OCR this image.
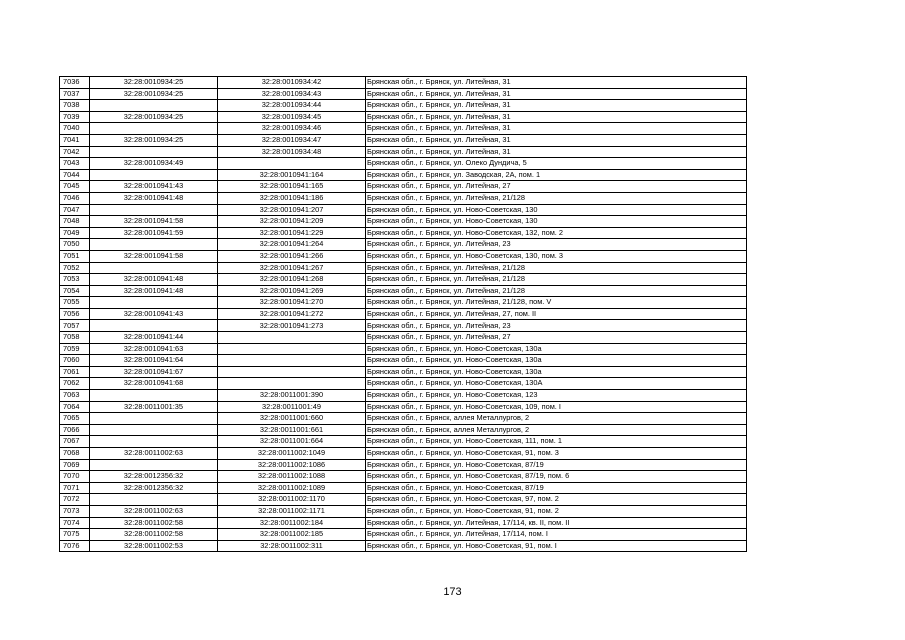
7036	32:28:0010934:25	32:28:0010934:42	Брянская обл., г. Брянск, ул. Литейная, 31
7037	32:28:0010934:25	32:28:0010934:43	Брянская обл., г. Брянск, ул. Литейная, 31
7038		32:28:0010934:44	Брянская обл., г. Брянск, ул. Литейная, 31
7039	32:28:0010934:25	32:28:0010934:45	Брянская обл., г. Брянск, ул. Литейная, 31
7040		32:28:0010934:46	Брянская обл., г. Брянск, ул. Литейная, 31
7041	32:28:0010934:25	32:28:0010934:47	Брянская обл., г. Брянск, ул. Литейная, 31
7042		32:28:0010934:48	Брянская обл., г. Брянск, ул. Литейная, 31
7043	32:28:0010934:49		Брянская обл., г. Брянск, ул. Олеко Дундича, 5
7044		32:28:0010941:164	Брянская обл., г. Брянск, ул. Заводская, 2А, пом. 1
7045	32:28:0010941:43	32:28:0010941:165	Брянская обл., г. Брянск, ул. Литейная, 27
7046	32:28:0010941:48	32:28:0010941:186	Брянская обл., г. Брянск, ул. Литейная, 21/128
7047		32:28:0010941:207	Брянская обл., г. Брянск, ул. Ново-Советская, 130
7048	32:28:0010941:58	32:28:0010941:209	Брянская обл., г. Брянск, ул. Ново-Советская, 130
7049	32:28:0010941:59	32:28:0010941:229	Брянская обл., г. Брянск, ул. Ново-Советская, 132, пом. 2
7050		32:28:0010941:264	Брянская обл., г. Брянск, ул. Литейная, 23
7051	32:28:0010941:58	32:28:0010941:266	Брянская обл., г. Брянск, ул. Ново-Советская, 130, пом. 3
7052		32:28:0010941:267	Брянская обл., г. Брянск, ул. Литейная, 21/128
7053	32:28:0010941:48	32:28:0010941:268	Брянская обл., г. Брянск, ул. Литейная, 21/128
7054	32:28:0010941:48	32:28:0010941:269	Брянская обл., г. Брянск, ул. Литейная, 21/128
7055		32:28:0010941:270	Брянская обл., г. Брянск, ул. Литейная, 21/128, пом. V
7056	32:28:0010941:43	32:28:0010941:272	Брянская обл., г. Брянск, ул. Литейная, 27, пом. II
7057		32:28:0010941:273	Брянская обл., г. Брянск, ул. Литейная, 23
7058	32:28:0010941:44		Брянская обл., г. Брянск, ул. Литейная, 27
7059	32:28:0010941:63		Брянская обл., г. Брянск, ул. Ново-Советская, 130а
7060	32:28:0010941:64		Брянская обл., г. Брянск, ул. Ново-Советская, 130а
7061	32:28:0010941:67		Брянская обл., г. Брянск, ул. Ново-Советская, 130а
7062	32:28:0010941:68		Брянская обл., г. Брянск, ул. Ново-Советская, 130А
7063		32:28:0011001:390	Брянская обл., г. Брянск, ул. Ново-Советская, 123
7064	32:28:0011001:35	32:28:0011001:49	Брянская обл., г. Брянск, ул. Ново-Советская, 109, пом. I
7065		32:28:0011001:660	Брянская обл., г. Брянск, аллея Металлургов, 2
7066		32:28:0011001:661	Брянская обл., г. Брянск, аллея Металлургов, 2
7067		32:28:0011001:664	Брянская обл., г. Брянск, ул. Ново-Советская, 111, пом. 1
7068	32:28:0011002:63	32:28:0011002:1049	Брянская обл., г. Брянск, ул. Ново-Советская, 91, пом. 3
7069		32:28:0011002:1086	Брянская обл., г. Брянск, ул. Ново-Советская, 87/19
7070	32:28:0012356:32	32:28:0011002:1088	Брянская обл., г. Брянск, ул. Ново-Советская, 87/19, пом. 6
7071	32:28:0012356:32	32:28:0011002:1089	Брянская обл., г. Брянск, ул. Ново-Советская, 87/19
7072		32:28:0011002:1170	Брянская обл., г. Брянск, ул. Ново-Советская, 97, пом. 2
7073	32:28:0011002:63	32:28:0011002:1171	Брянская обл., г. Брянск, ул. Ново-Советская, 91, пом. 2
7074	32:28:0011002:58	32:28:0011002:184	Брянская обл., г. Брянск, ул. Литейная, 17/114, кв. II, пом. II
7075	32:28:0011002:58	32:28:0011002:185	Брянская обл., г. Брянск, ул. Литейная, 17/114, пом. I
7076	32:28:0011002:53	32:28:0011002:311	Брянская обл., г. Брянск, ул. Ново-Советская, 91, пом. I
173
